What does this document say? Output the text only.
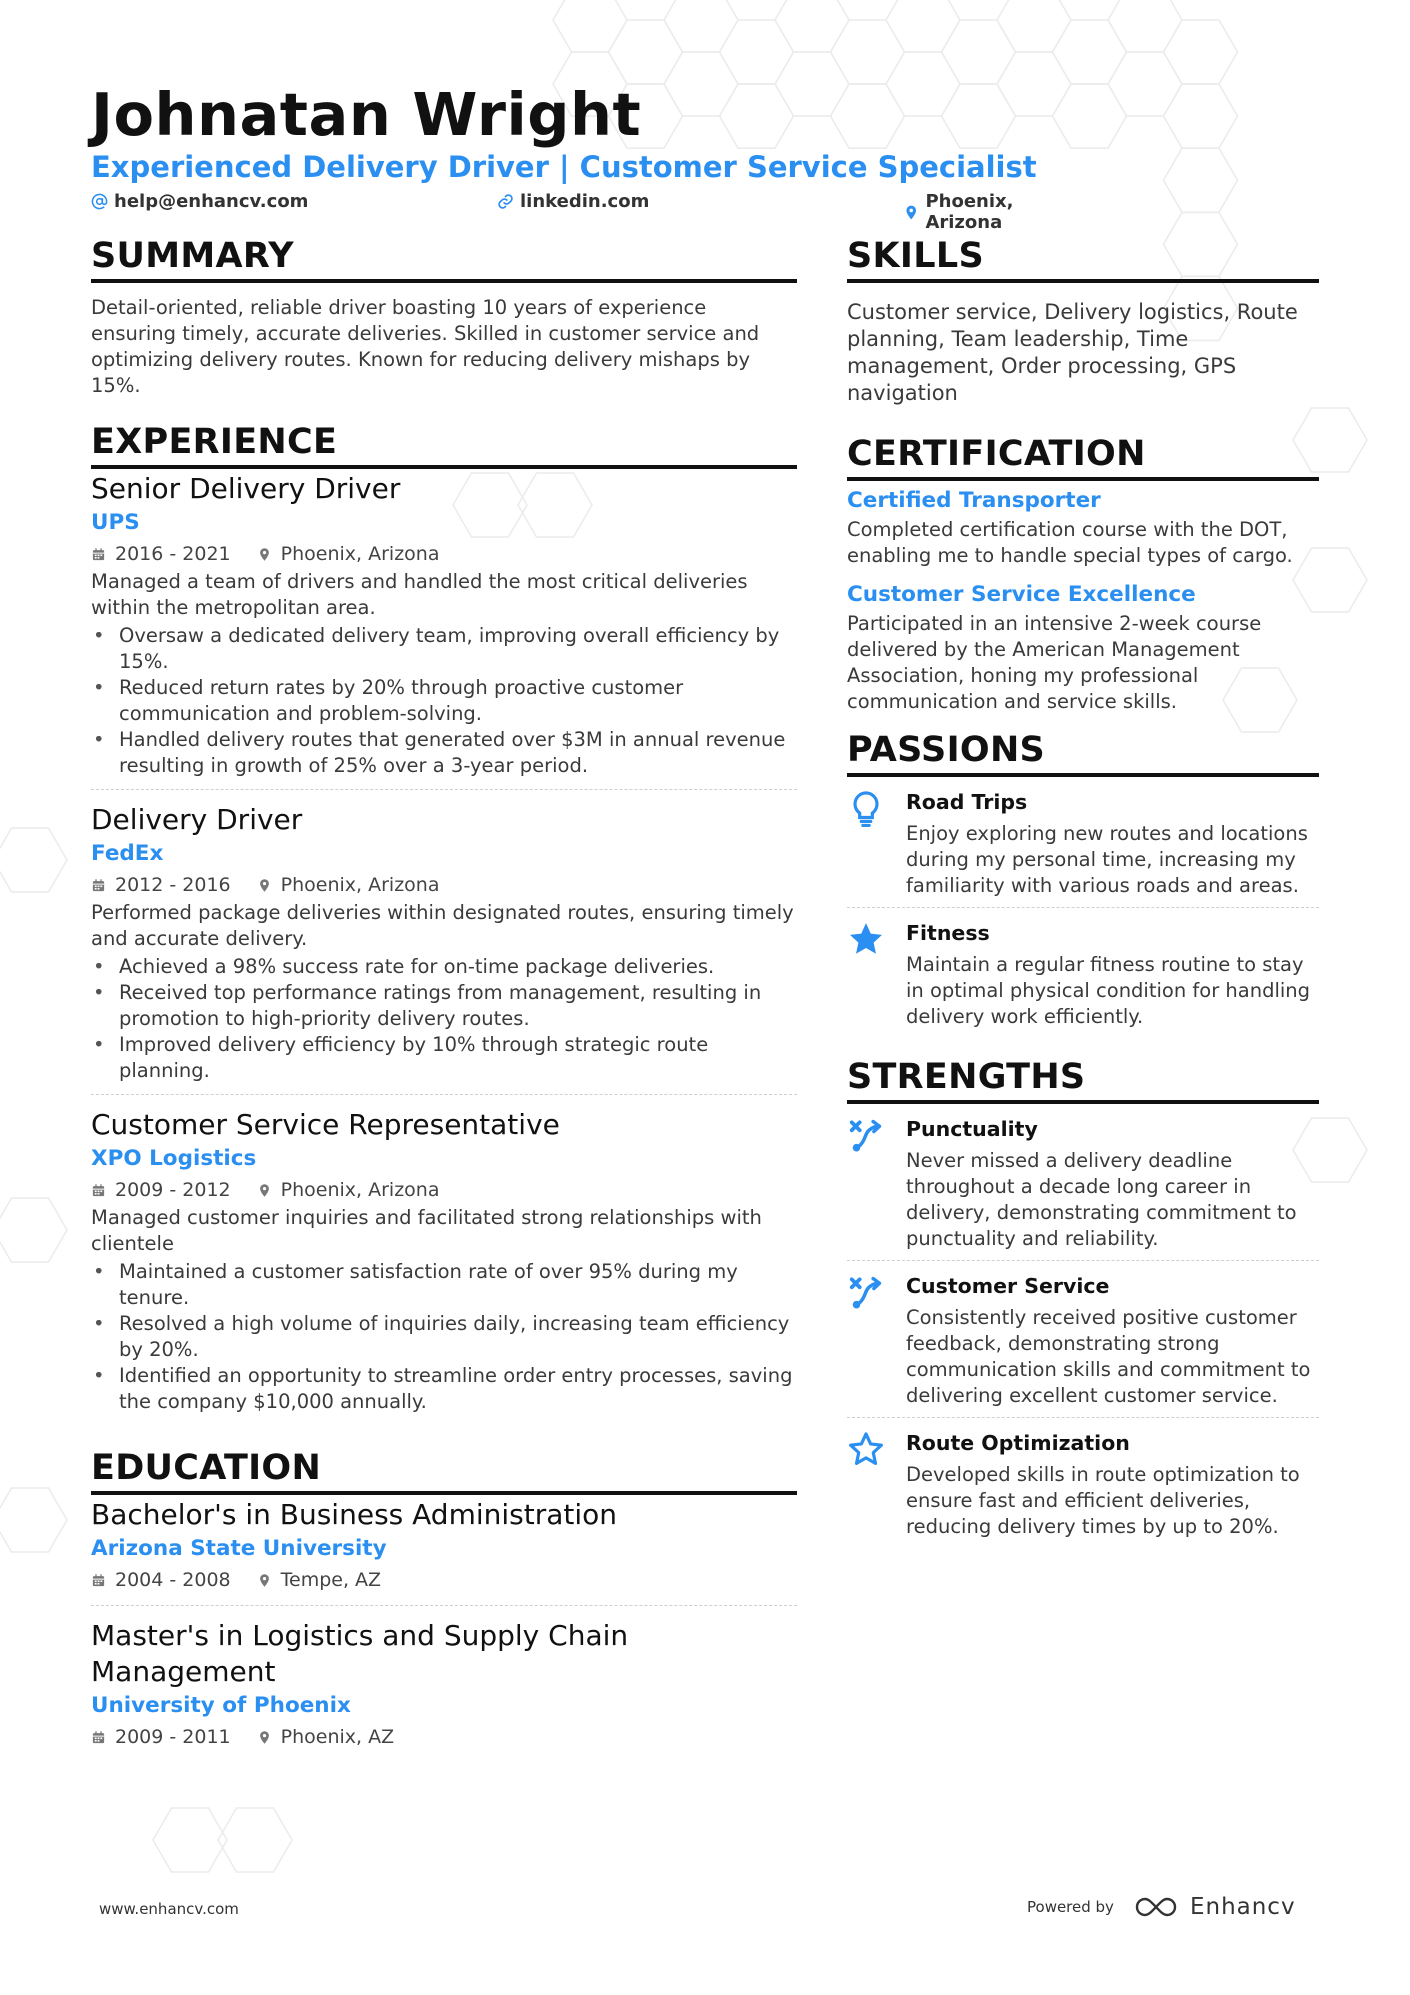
Johnatan Wright
Experienced Delivery Driver | Customer Service Specialist
help@enhancv.com	linkedin.com	Phoenix, Arizona
SUMMARY
Detail-oriented, reliable driver boasting 10 years of experience ensuring timely, accurate deliveries. Skilled in customer service and optimizing delivery routes. Known for reducing delivery mishaps by 15%.
EXPERIENCE
Senior Delivery Driver
UPS
2016 - 2021	Phoenix, Arizona
Managed a team of drivers and handled the most critical deliveries within the metropolitan area.
• Oversaw a dedicated delivery team, improving overall efficiency by 15%.
• Reduced return rates by 20% through proactive customer communication and problem-solving.
• Handled delivery routes that generated over $3M in annual revenue resulting in growth of 25% over a 3-year period.
Delivery Driver
FedEx
2012 - 2016	Phoenix, Arizona
Performed package deliveries within designated routes, ensuring timely and accurate delivery.
• Achieved a 98% success rate for on-time package deliveries.
• Received top performance ratings from management, resulting in promotion to high-priority delivery routes.
• Improved delivery efficiency by 10% through strategic route planning.
Customer Service Representative
XPO Logistics
2009 - 2012	Phoenix, Arizona
Managed customer inquiries and facilitated strong relationships with clientele
• Maintained a customer satisfaction rate of over 95% during my tenure.
• Resolved a high volume of inquiries daily, increasing team efficiency by 20%.
• Identified an opportunity to streamline order entry processes, saving the company $10,000 annually.
EDUCATION
Bachelor's in Business Administration
Arizona State University
2004 - 2008	Tempe, AZ
Master's in Logistics and Supply Chain Management
University of Phoenix
2009 - 2011	Phoenix, AZ
SKILLS
Customer service, Delivery logistics, Route planning, Team leadership, Time management, Order processing, GPS navigation
CERTIFICATION
Certified Transporter
Completed certification course with the DOT, enabling me to handle special types of cargo.
Customer Service Excellence
Participated in an intensive 2-week course delivered by the American Management Association, honing my professional communication and service skills.
PASSIONS
Road Trips
Enjoy exploring new routes and locations during my personal time, increasing my familiarity with various roads and areas.
Fitness
Maintain a regular fitness routine to stay in optimal physical condition for handling delivery work efficiently.
STRENGTHS
Punctuality
Never missed a delivery deadline throughout a decade long career in delivery, demonstrating commitment to punctuality and reliability.
Customer Service
Consistently received positive customer feedback, demonstrating strong communication skills and commitment to delivering excellent customer service.
Route Optimization
Developed skills in route optimization to ensure fast and efficient deliveries, reducing delivery times by up to 20%.
www.enhancv.com	Powered by	Enhancv
